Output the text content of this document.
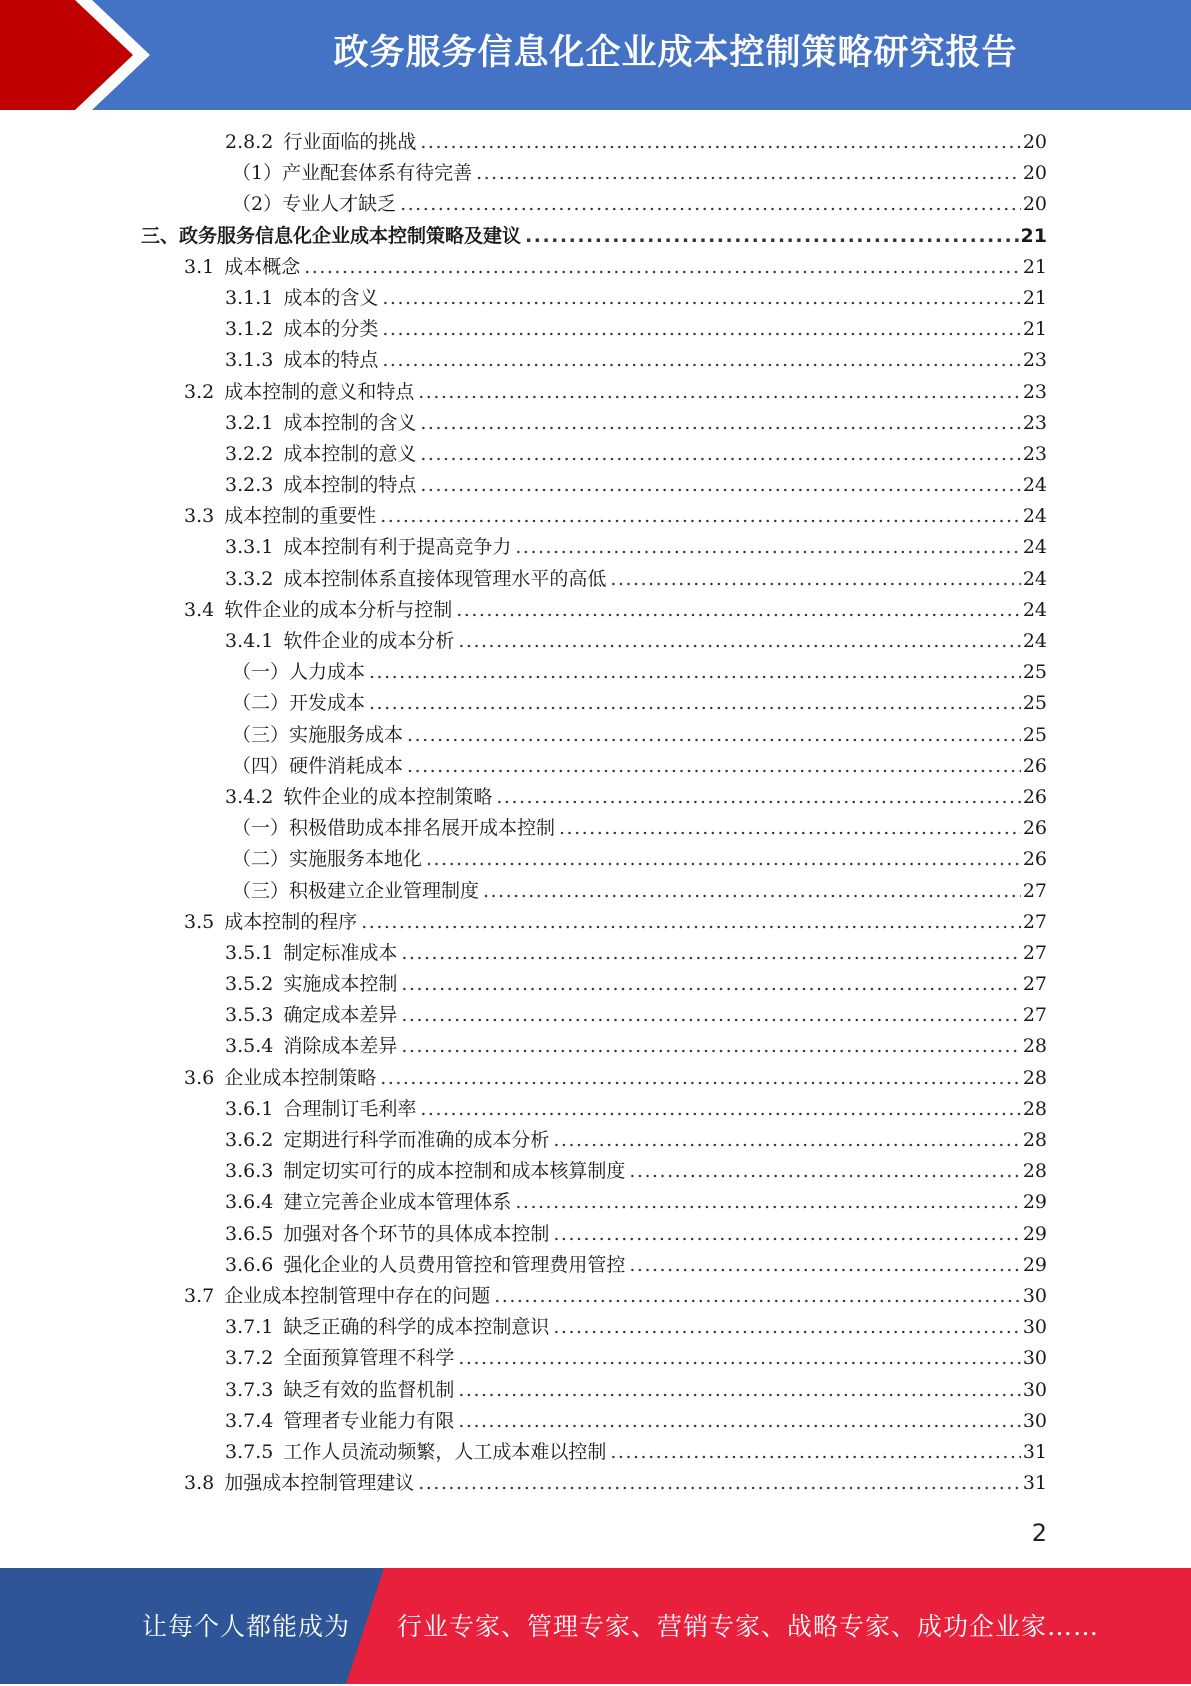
政务服务信息化企业成本控制策略研究报告
2.8.2 行业面临的挑战 .....	20
（1）产业配套体系有待完善 .....	20
（2）专业人才缺乏 .....	20
三、政务服务信息化企业成本控制策略及建议 .....	21
3.1 成本概念 .....	21
3.1.1 成本的含义 .....	21
3.1.2 成本的分类 .....	21
3.1.3 成本的特点 .....	23
3.2 成本控制的意义和特点 .....	23
3.2.1 成本控制的含义 .....	23
3.2.2 成本控制的意义 .....	23
3.2.3 成本控制的特点 .....	24
3.3 成本控制的重要性 .....	24
3.3.1 成本控制有利于提高竞争力 .....	24
3.3.2 成本控制体系直接体现管理水平的高低 .....	24
3.4 软件企业的成本分析与控制 .....	24
3.4.1 软件企业的成本分析 .....	24
（一）人力成本 .....	25
（二）开发成本 .....	25
（三）实施服务成本 .....	25
（四）硬件消耗成本 .....	26
3.4.2 软件企业的成本控制策略 .....	26
（一）积极借助成本排名展开成本控制 .....	26
（二）实施服务本地化 .....	26
（三）积极建立企业管理制度 .....	27
3.5 成本控制的程序 .....	27
3.5.1 制定标准成本 .....	27
3.5.2 实施成本控制 .....	27
3.5.3 确定成本差异 .....	27
3.5.4 消除成本差异 .....	28
3.6 企业成本控制策略 .....	28
3.6.1 合理制订毛利率 .....	28
3.6.2 定期进行科学而准确的成本分析 .....	28
3.6.3 制定切实可行的成本控制和成本核算制度 .....	28
3.6.4 建立完善企业成本管理体系 .....	29
3.6.5 加强对各个环节的具体成本控制 .....	29
3.6.6 强化企业的人员费用管控和管理费用管控 .....	29
3.7 企业成本控制管理中存在的问题 .....	30
3.7.1 缺乏正确的科学的成本控制意识 .....	30
3.7.2 全面预算管理不科学 .....	30
3.7.3 缺乏有效的监督机制 .....	30
3.7.4 管理者专业能力有限 .....	30
3.7.5 工作人员流动频繁，人工成本难以控制 .....	31
3.8 加强成本控制管理建议 .....	31
2
让每个人都能成为 行业专家、管理专家、营销专家、战略专家、成功企业家……
